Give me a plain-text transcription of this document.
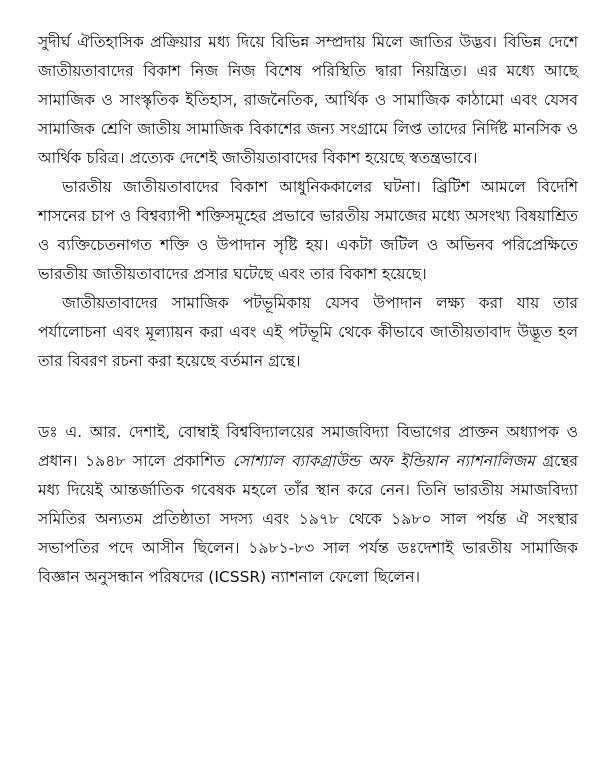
সুদীর্ঘ ঐতিহাসিক প্রক্রিয়ার মধ্য দিয়ে বিভিন্ন সম্প্রদায় মিলে জাতির উদ্ভব। বিভিন্ন দেশে জাতীয়তাবাদের বিকাশ নিজ নিজ বিশেষ পরিস্থিতি দ্বারা নিয়ন্ত্রিত। এর মধ্যে আছে সামাজিক ও সাংস্কৃতিক ইতিহাস, রাজনৈতিক, আর্থিক ও সামাজিক কাঠামো এবং যেসব সামাজিক শ্রেণি জাতীয় সামাজিক বিকাশের জন্য সংগ্রামে লিপ্ত তাদের নির্দিষ্ট মানসিক ও আর্থিক চরিত্র। প্রত্যেক দেশেই জাতীয়তাবাদের বিকাশ হয়েছে স্বতন্ত্রভাবে।

ভারতীয় জাতীয়তাবাদের বিকাশ আধুনিককালের ঘটনা। ব্রিটিশ আমলে বিদেশি শাসনের চাপ ও বিশ্বব্যাপী শক্তিসমূহের প্রভাবে ভারতীয় সমাজের মধ্যে অসংখ্য বিষয়াশ্রিত ও ব্যক্তিচেতনাগত শক্তি ও উপাদান সৃষ্টি হয়। একটা জটিল ও অভিনব পরিপ্রেক্ষিতে ভারতীয় জাতীয়তাবাদের প্রসার ঘটেছে এবং তার বিকাশ হয়েছে।

জাতীয়তাবাদের সামাজিক পটভূমিকায় যেসব উপাদান লক্ষ্য করা যায় তার পর্যালোচনা এবং মূল্যায়ন করা এবং এই পটভূমি থেকে কীভাবে জাতীয়তাবাদ উদ্ভূত হল তার বিবরণ রচনা করা হয়েছে বর্তমান গ্রন্থে।

ডঃ এ. আর. দেশাই, বোম্বাই বিশ্ববিদ্যালয়ের সমাজবিদ্যা বিভাগের প্রাক্তন অধ্যাপক ও প্রধান। ১৯৪৮ সালে প্রকাশিত সোশ্যাল ব্যাকগ্রাউন্ড অফ ইন্ডিয়ান ন্যাশনালিজম গ্রন্থের মধ্য দিয়েই আন্তর্জাতিক গবেষক মহলে তাঁর স্থান করে নেন। তিনি ভারতীয় সমাজবিদ্যা সমিতির অন্যতম প্রতিষ্ঠাতা সদস্য এবং ১৯৭৮ থেকে ১৯৮০ সাল পর্যন্ত ঐ সংস্থার সভাপতির পদে আসীন ছিলেন। ১৯৮১-৮৩ সাল পর্যন্ত ডঃদেশাই ভারতীয় সামাজিক বিজ্ঞান অনুসন্ধান পরিষদের (ICSSR) ন্যাশনাল ফেলো ছিলেন।
